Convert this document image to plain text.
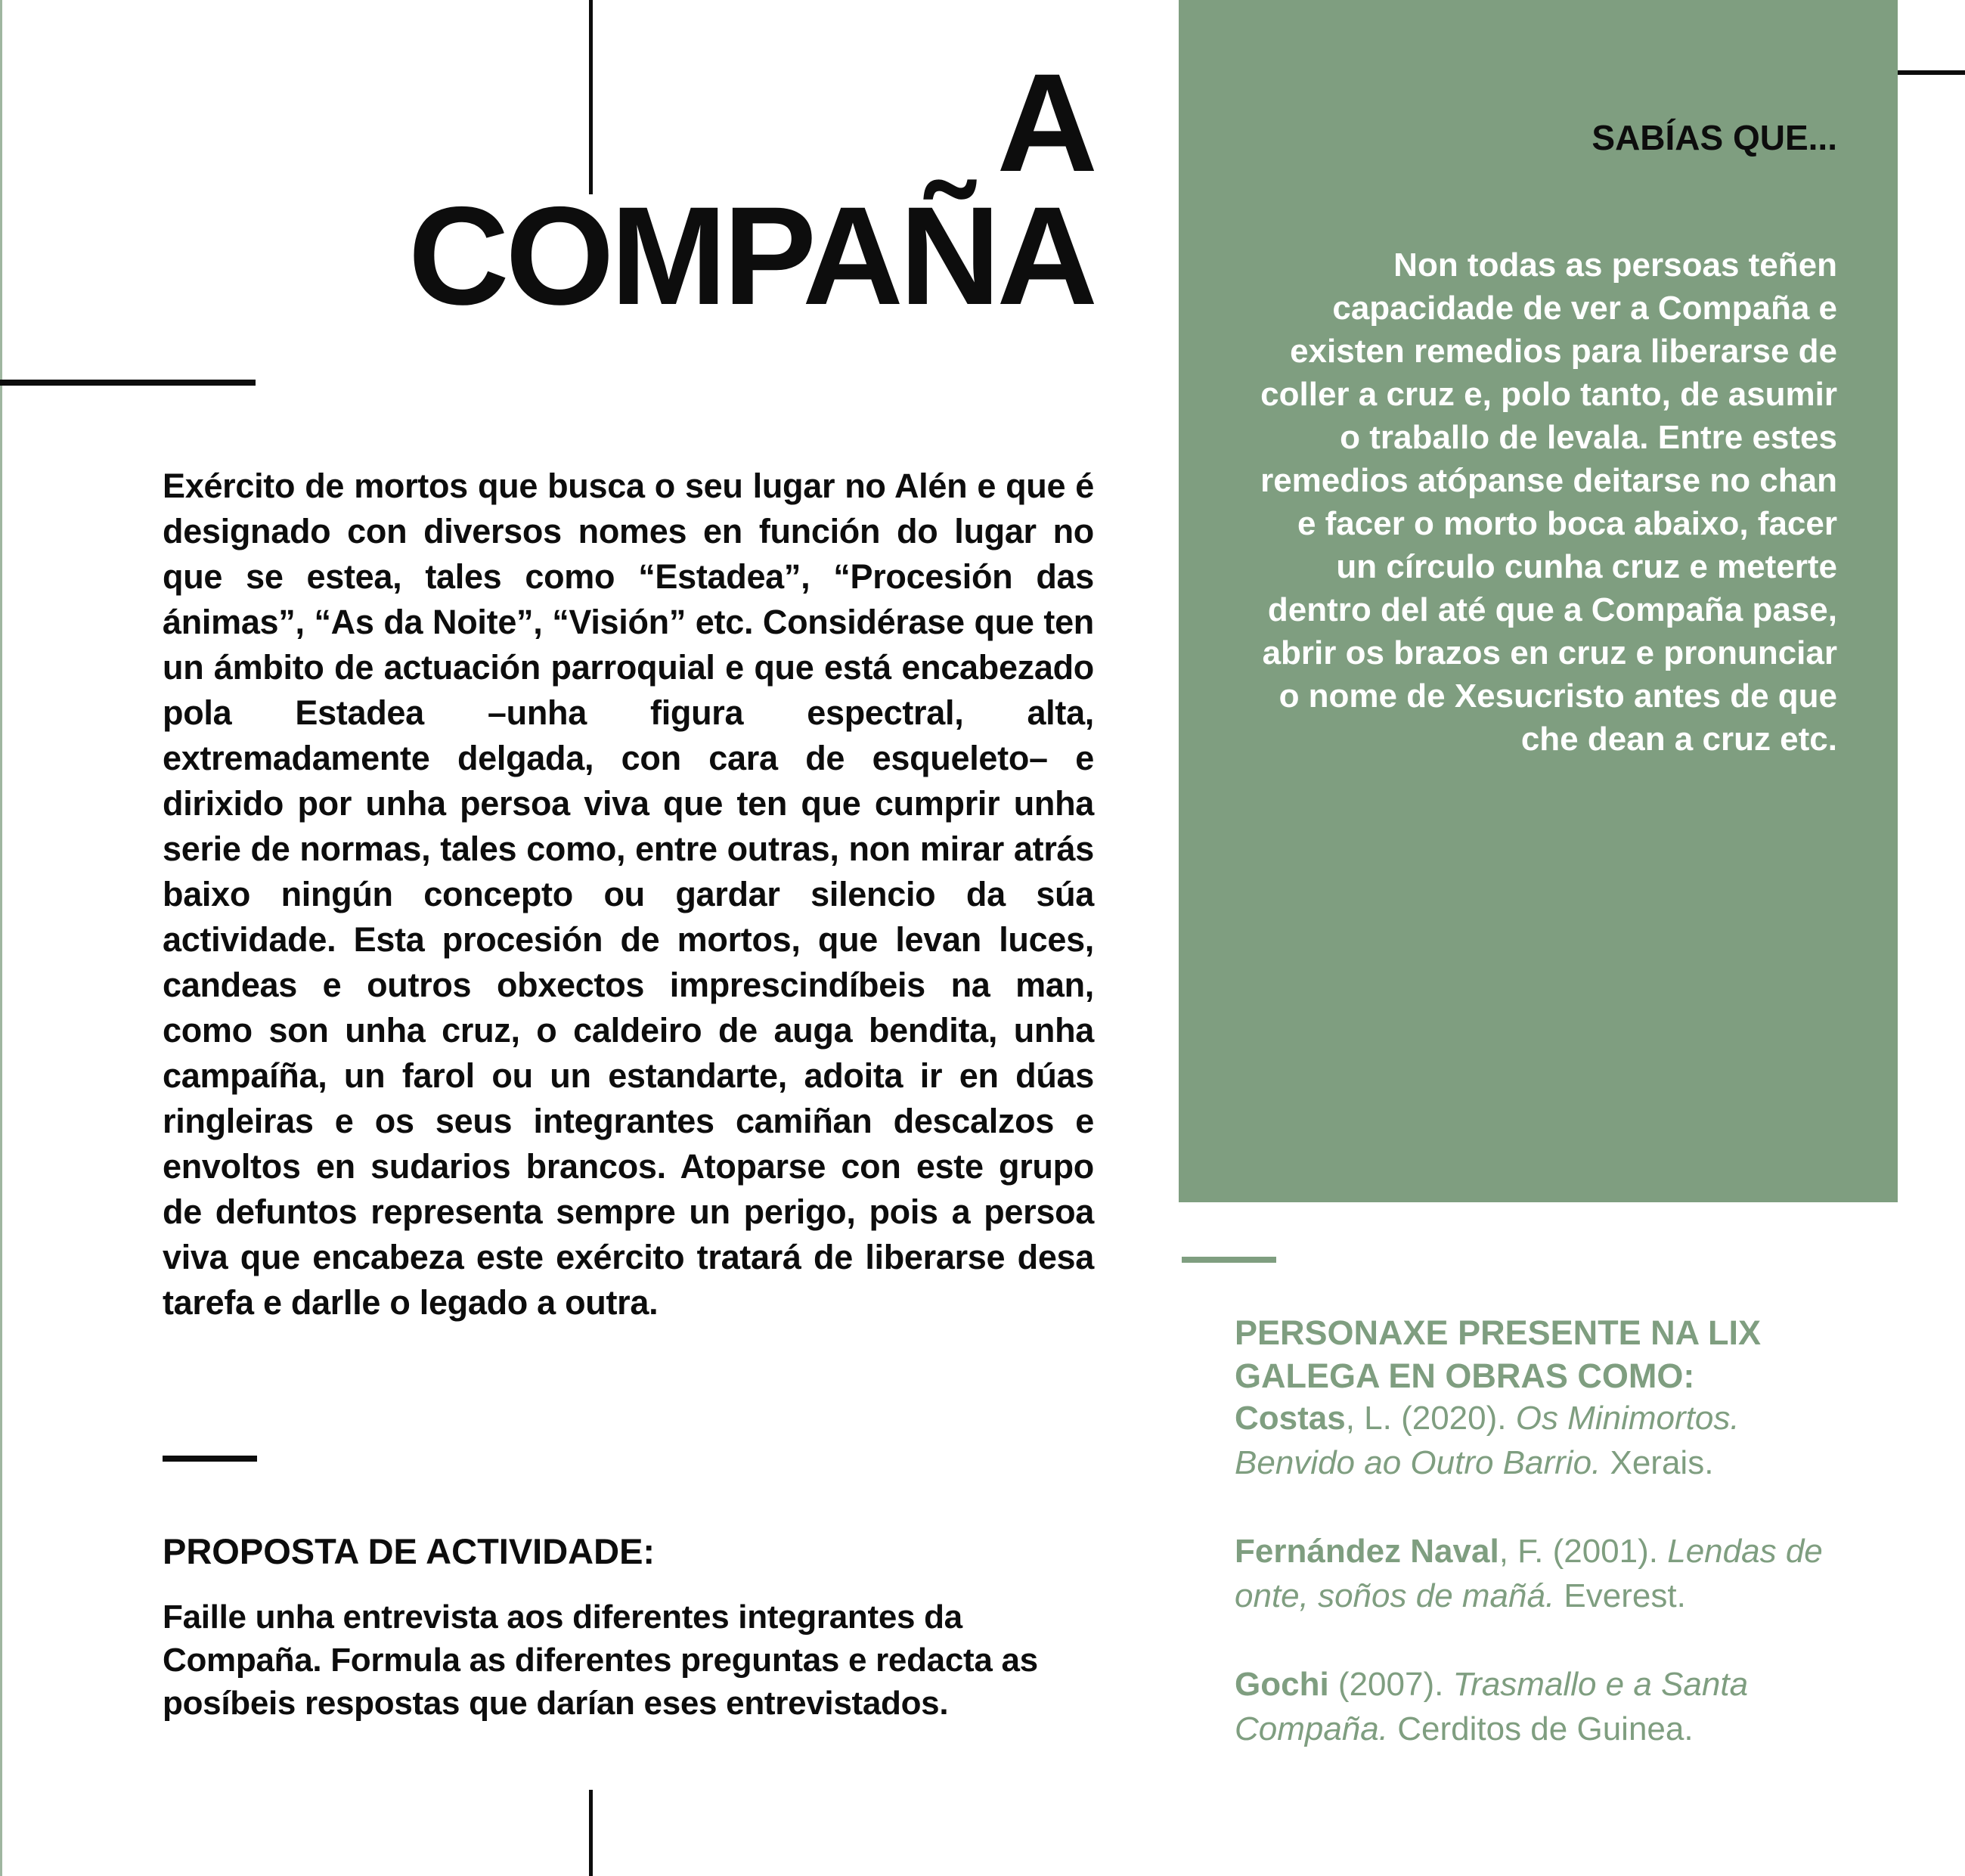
A
COMPAÑA

Exército de mortos que busca o seu lugar no Alén e que é designado con diversos nomes en función do lugar no que se estea, tales como “Estadea”, “Procesión das ánimas”, “As da Noite”, “Visión” etc. Considérase que ten un ámbito de actuación parroquial e que está encabezado pola Estadea –unha figura espectral, alta, extremadamente delgada, con cara de esqueleto– e dirixido por unha persoa viva que ten que cumprir unha serie de normas, tales como, entre outras, non mirar atrás baixo ningún concepto ou gardar silencio da súa actividade. Esta procesión de mortos, que levan luces, candeas e outros obxectos imprescindíbeis na man, como son unha cruz, o caldeiro de auga bendita, unha campaíña, un farol ou un estandarte, adoita ir en dúas ringleiras e os seus integrantes camiñan descalzos e envoltos en sudarios brancos. Atoparse con este grupo de defuntos representa sempre un perigo, pois a persoa viva que encabeza este exército tratará de liberarse desa tarefa e darlle o legado a outra.

PROPOSTA DE ACTIVIDADE:

Faille unha entrevista aos diferentes integrantes da Compaña. Formula as diferentes preguntas e redacta as posíbeis respostas que darían eses entrevistados.

SABÍAS QUE...

Non todas as persoas teñen capacidade de ver a Compaña e existen remedios para liberarse de coller a cruz e, polo tanto, de asumir o traballo de levala. Entre estes remedios atópanse deitarse no chan e facer o morto boca abaixo, facer un círculo cunha cruz e meterte dentro del até que a Compaña pase, abrir os brazos en cruz e pronunciar o nome de Xesucristo antes de que che dean a cruz etc.

PERSONAXE PRESENTE NA LIX GALEGA EN OBRAS COMO:

Costas, L. (2020). Os Minimortos. Benvido ao Outro Barrio. Xerais.

Fernández Naval, F. (2001). Lendas de onte, soños de mañá. Everest.

Gochi (2007). Trasmallo e a Santa Compaña. Cerditos de Guinea.
